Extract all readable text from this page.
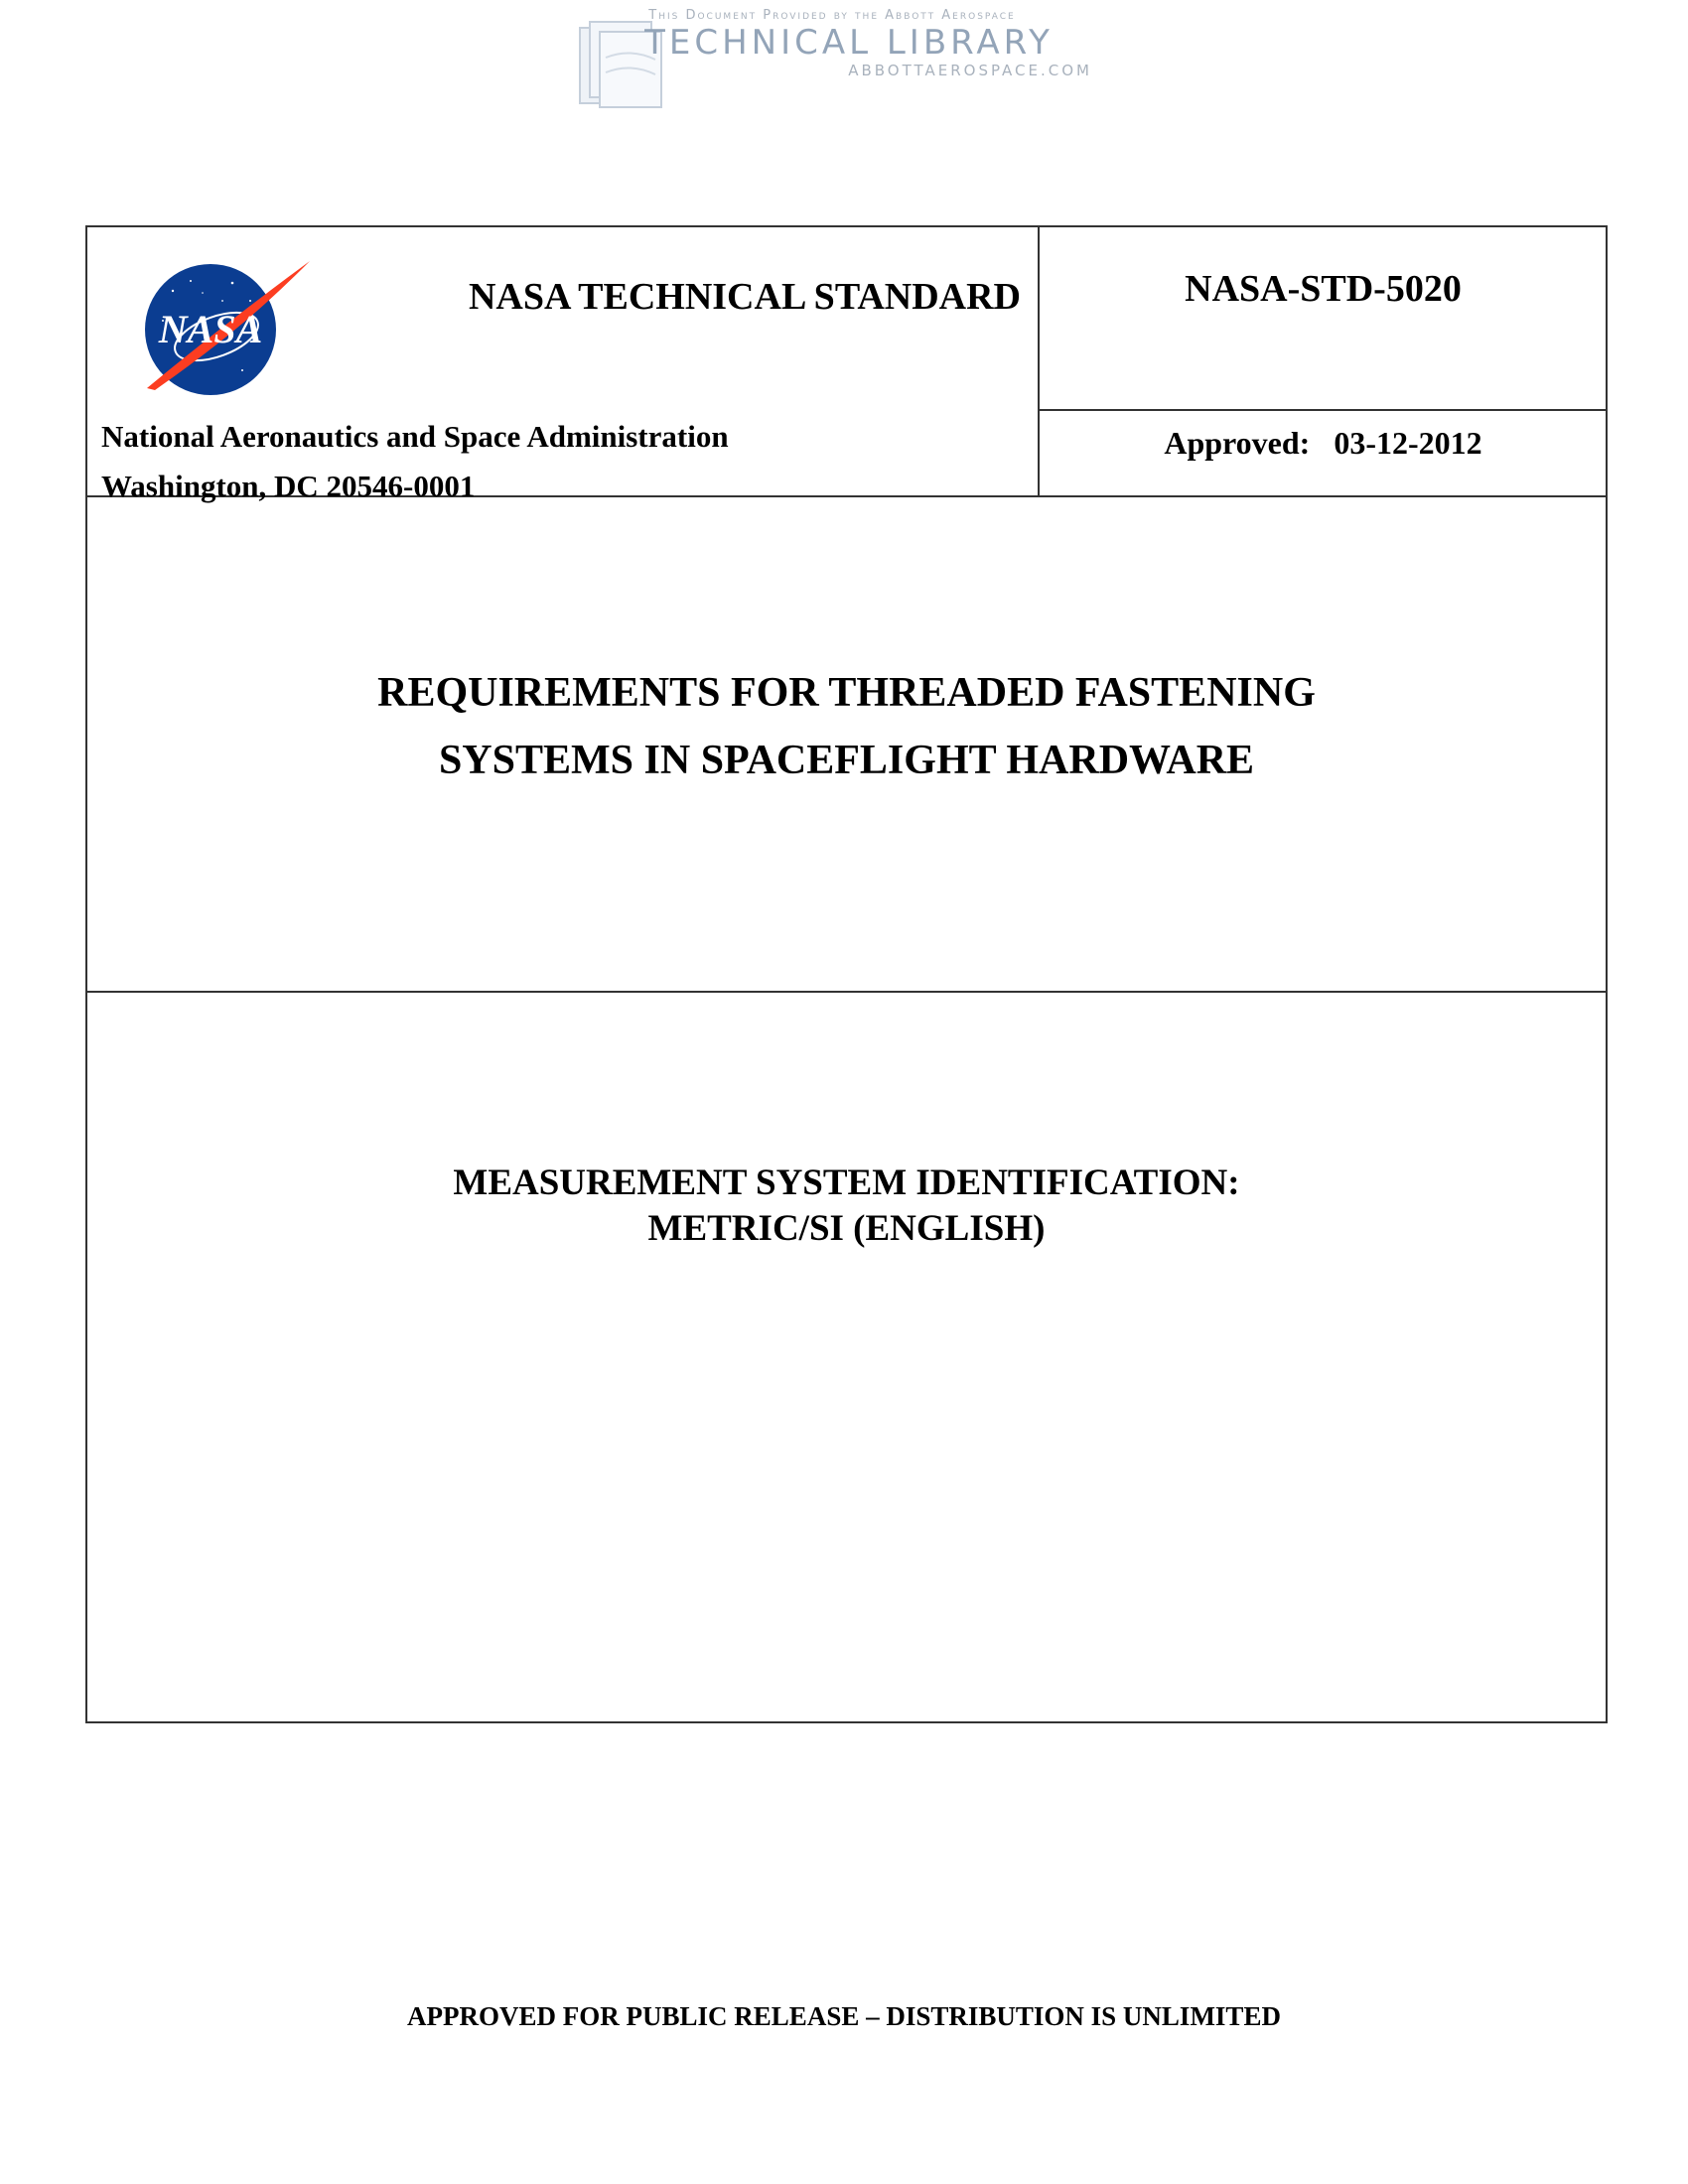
This Document Provided by the Abbott Aerospace
TECHNICAL LIBRARY
ABBOTTAEROSPACE.COM
NASA
NASA TECHNICAL STANDARD
National Aeronautics and Space Administration
Washington, DC 20546-0001
NASA-STD-5020
Approved: 03-12-2012
REQUIREMENTS FOR THREADED FASTENING
SYSTEMS IN SPACEFLIGHT HARDWARE
MEASUREMENT SYSTEM IDENTIFICATION:
METRIC/SI (ENGLISH)
APPROVED FOR PUBLIC RELEASE – DISTRIBUTION IS UNLIMITED
